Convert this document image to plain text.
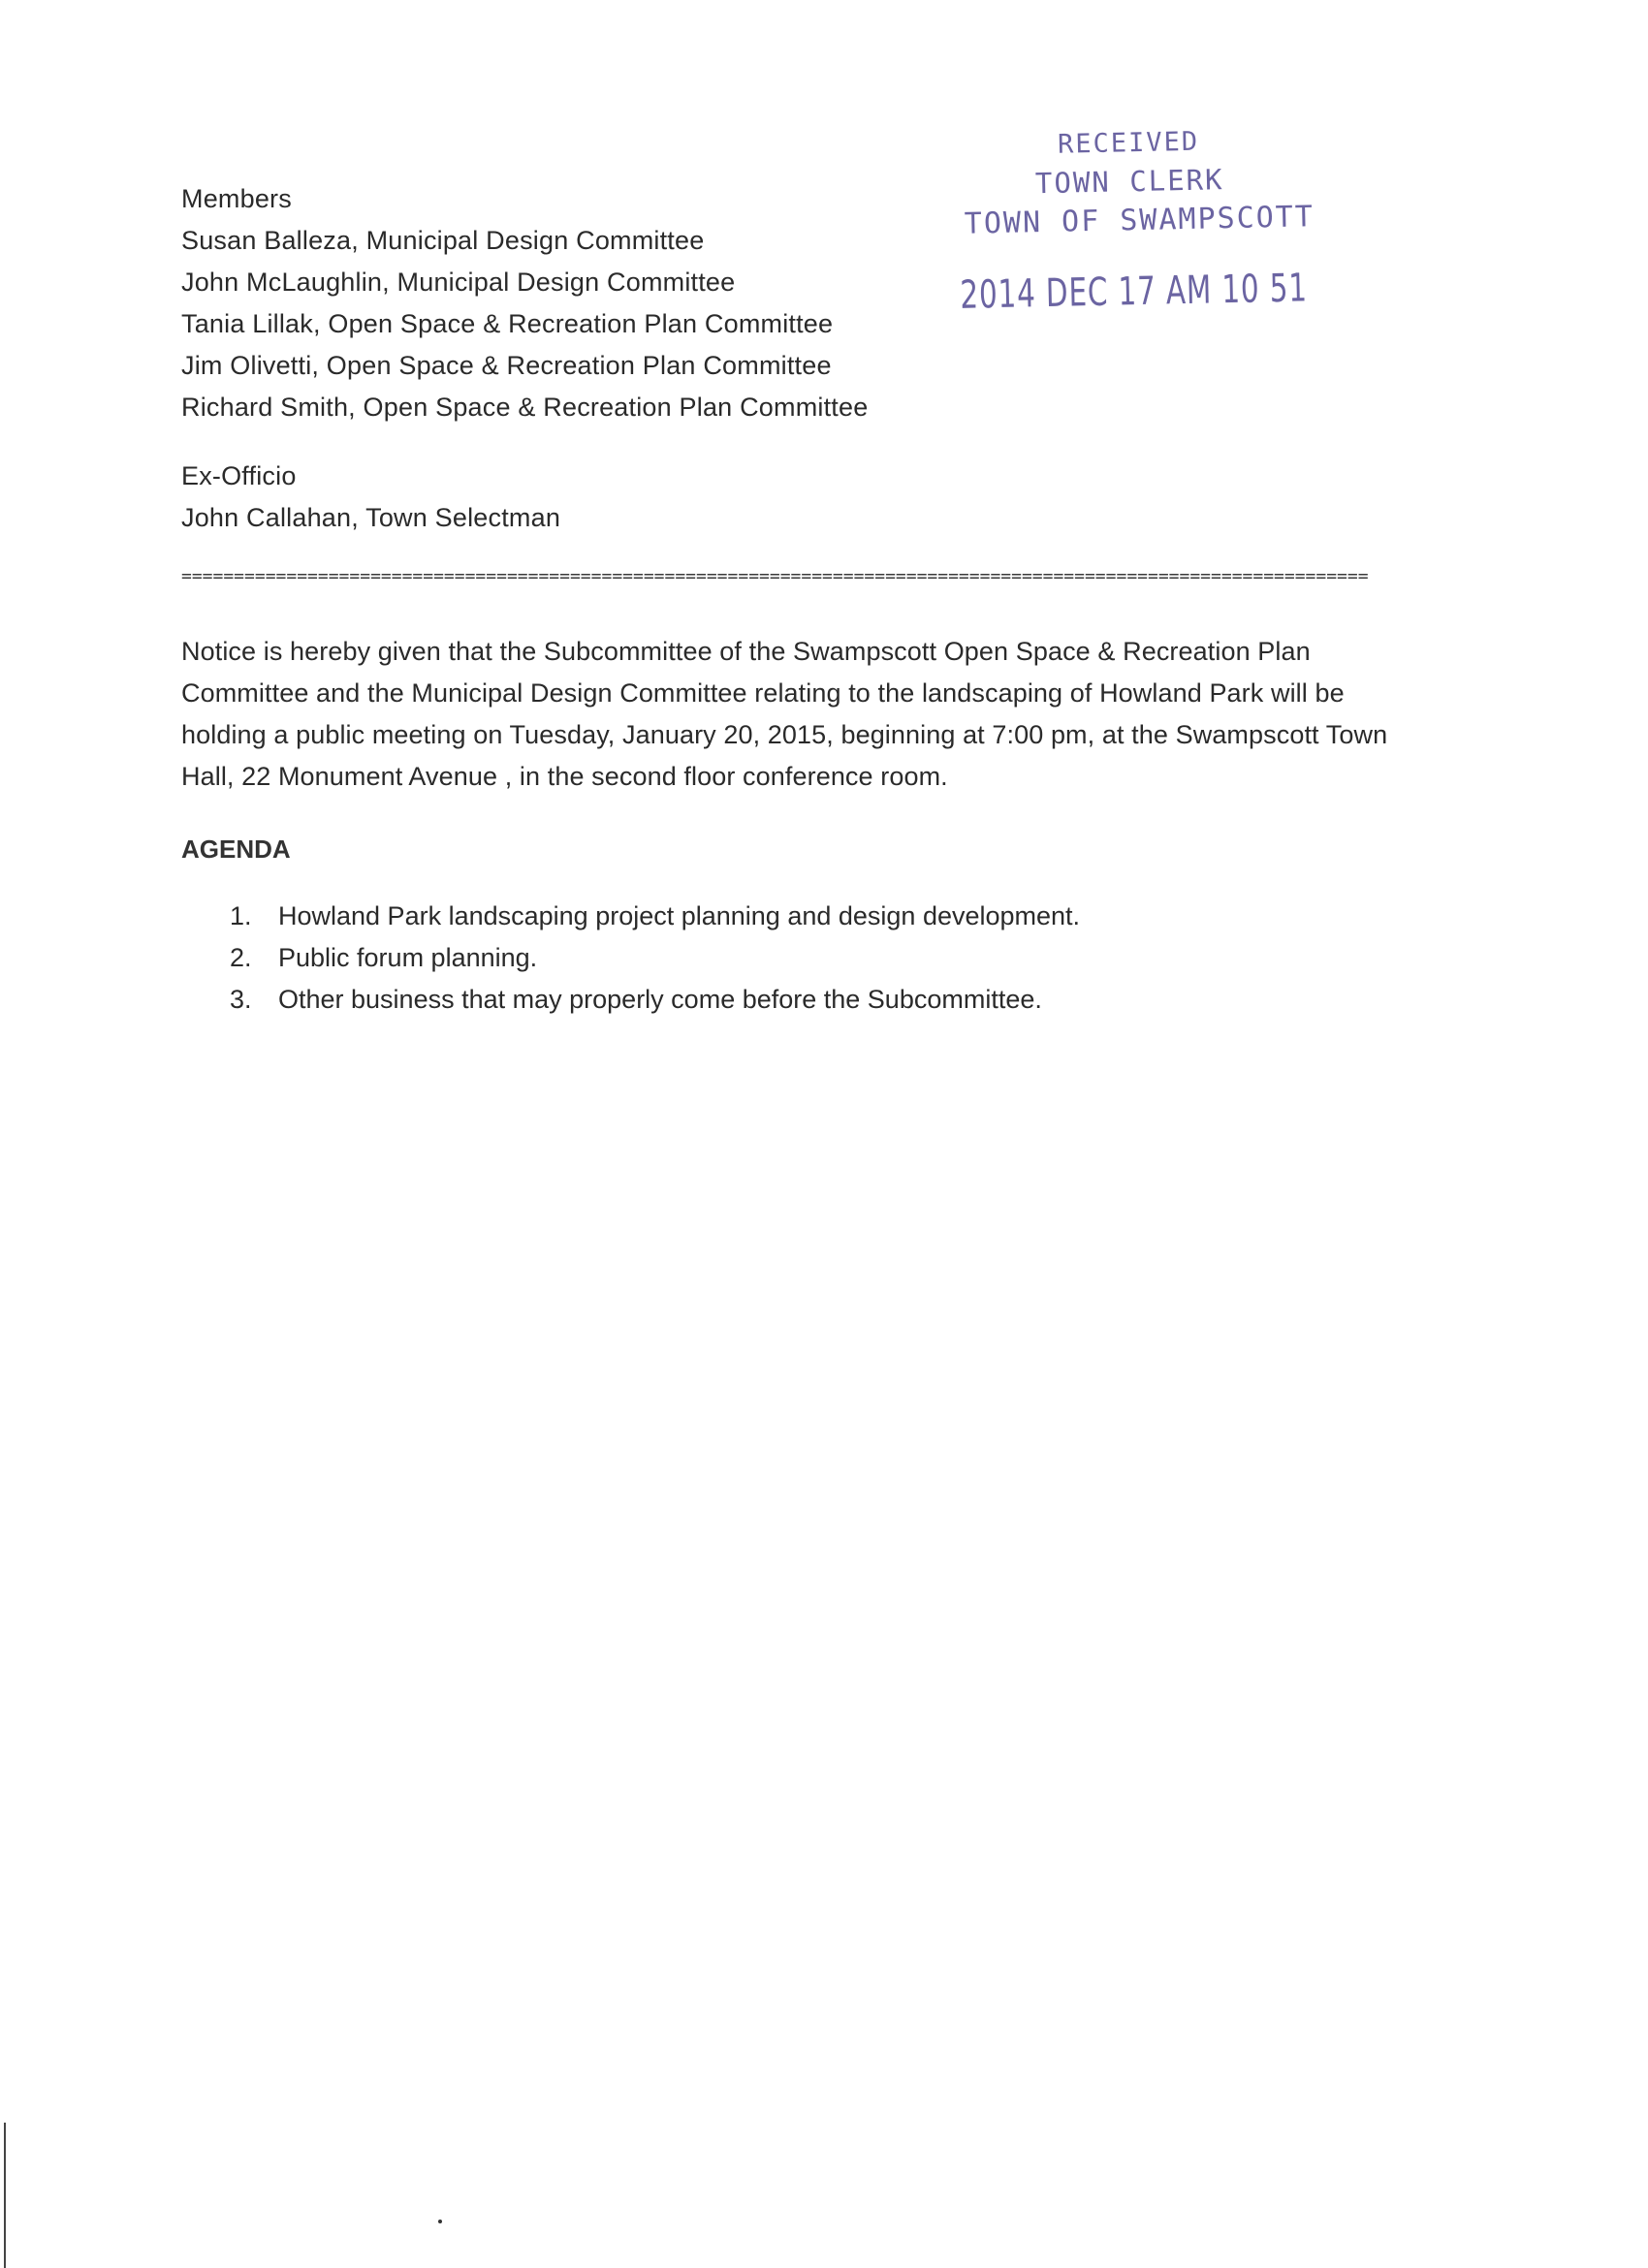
RECEIVED
TOWN CLERK
TOWN OF SWAMPSCOTT
2014 DEC 17 AM 10 51
Members
Susan Balleza, Municipal Design Committee
John McLaughlin, Municipal Design Committee
Tania Lillak, Open Space & Recreation Plan Committee
Jim Olivetti, Open Space & Recreation Plan Committee
Richard Smith, Open Space & Recreation Plan Committee
Ex-Officio
John Callahan, Town Selectman
=================================================================================================================
Notice is hereby given that the Subcommittee of the Swampscott Open Space & Recreation Plan
Committee and the Municipal Design Committee relating to the landscaping of Howland Park will be
holding a public meeting on Tuesday, January 20, 2015, beginning at 7:00 pm, at the Swampscott Town
Hall, 22 Monument Avenue , in the second floor conference room.
AGENDA
1. Howland Park landscaping project planning and design development.
2. Public forum planning.
3. Other business that may properly come before the Subcommittee.
